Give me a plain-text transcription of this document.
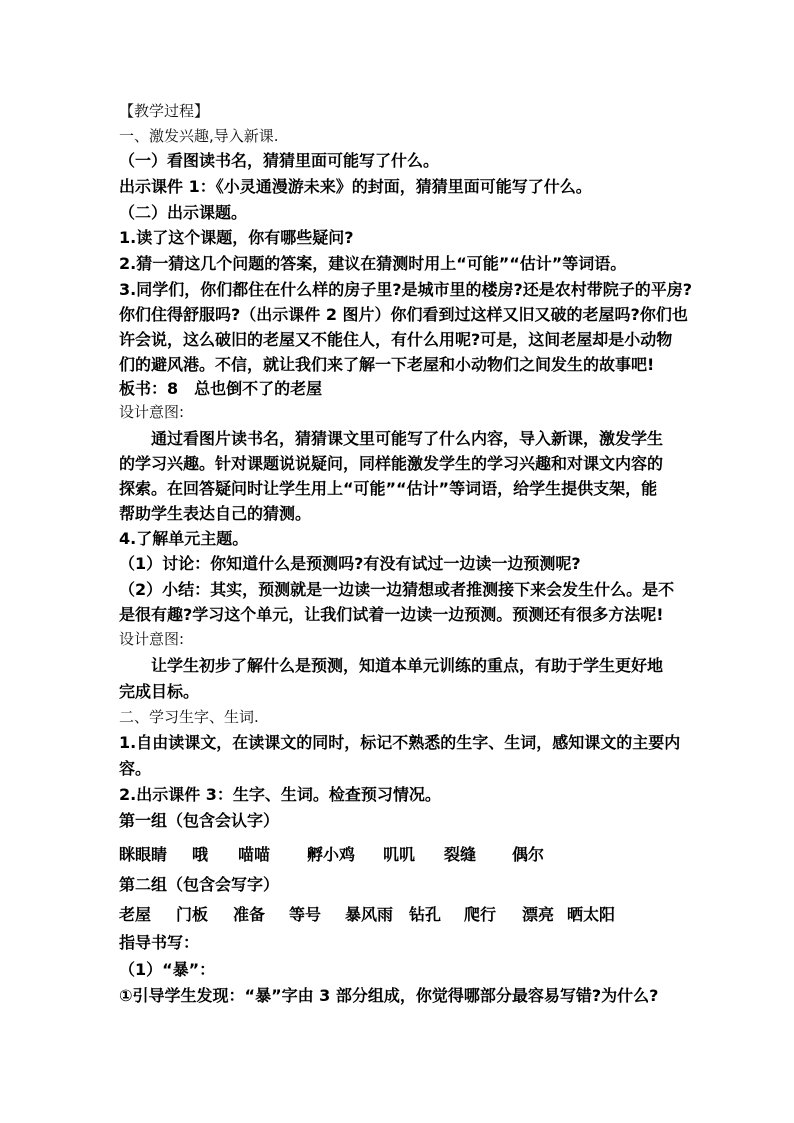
【教学过程】
一、激发兴趣,导入新课.
（一）看图读书名，猜猜里面可能写了什么。
出示课件 1：《小灵通漫游未来》的封面，猜猜里面可能写了什么。
（二）出示课题。
1.读了这个课题，你有哪些疑问?
2.猜一猜这几个问题的答案，建议在猜测时用上“可能”“估计”等词语。
3.同学们，你们都住在什么样的房子里?是城市里的楼房?还是农村带院子的平房?
你们住得舒服吗?（出示课件 2 图片）你们看到过这样又旧又破的老屋吗?你们也
许会说，这么破旧的老屋又不能住人，有什么用呢?可是，这间老屋却是小动物
们的避风港。不信，就让我们来了解一下老屋和小动物们之间发生的故事吧!
板书：8　总也倒不了的老屋
设计意图:
　　通过看图片读书名，猜猜课文里可能写了什么内容，导入新课，激发学生
的学习兴趣。针对课题说说疑问，同样能激发学生的学习兴趣和对课文内容的
探索。在回答疑问时让学生用上“可能”“估计”等词语，给学生提供支架，能
帮助学生表达自己的猜测。
4.了解单元主题。
（1）讨论：你知道什么是预测吗?有没有试过一边读一边预测呢?
（2）小结：其实，预测就是一边读一边猜想或者推测接下来会发生什么。是不
是很有趣?学习这个单元，让我们试着一边读一边预测。预测还有很多方法呢!
设计意图:
　　让学生初步了解什么是预测，知道本单元训练的重点，有助于学生更好地
完成目标。
二、学习生字、生词.
1.自由读课文，在读课文的同时，标记不熟悉的生字、生词，感知课文的主要内
容。
2.出示课件 3：生字、生词。检查预习情况。
第一组（包含会认字）
眯眼睛 哦 喵喵 孵小鸡 叽叽 裂缝 偶尔
第二组（包含会写字）
老屋 门板 准备 等号 暴风雨 钻孔 爬行 漂亮 晒太阳
指导书写：
（1）“暴”：
①引导学生发现：“暴”字由 3 部分组成，你觉得哪部分最容易写错?为什么?
